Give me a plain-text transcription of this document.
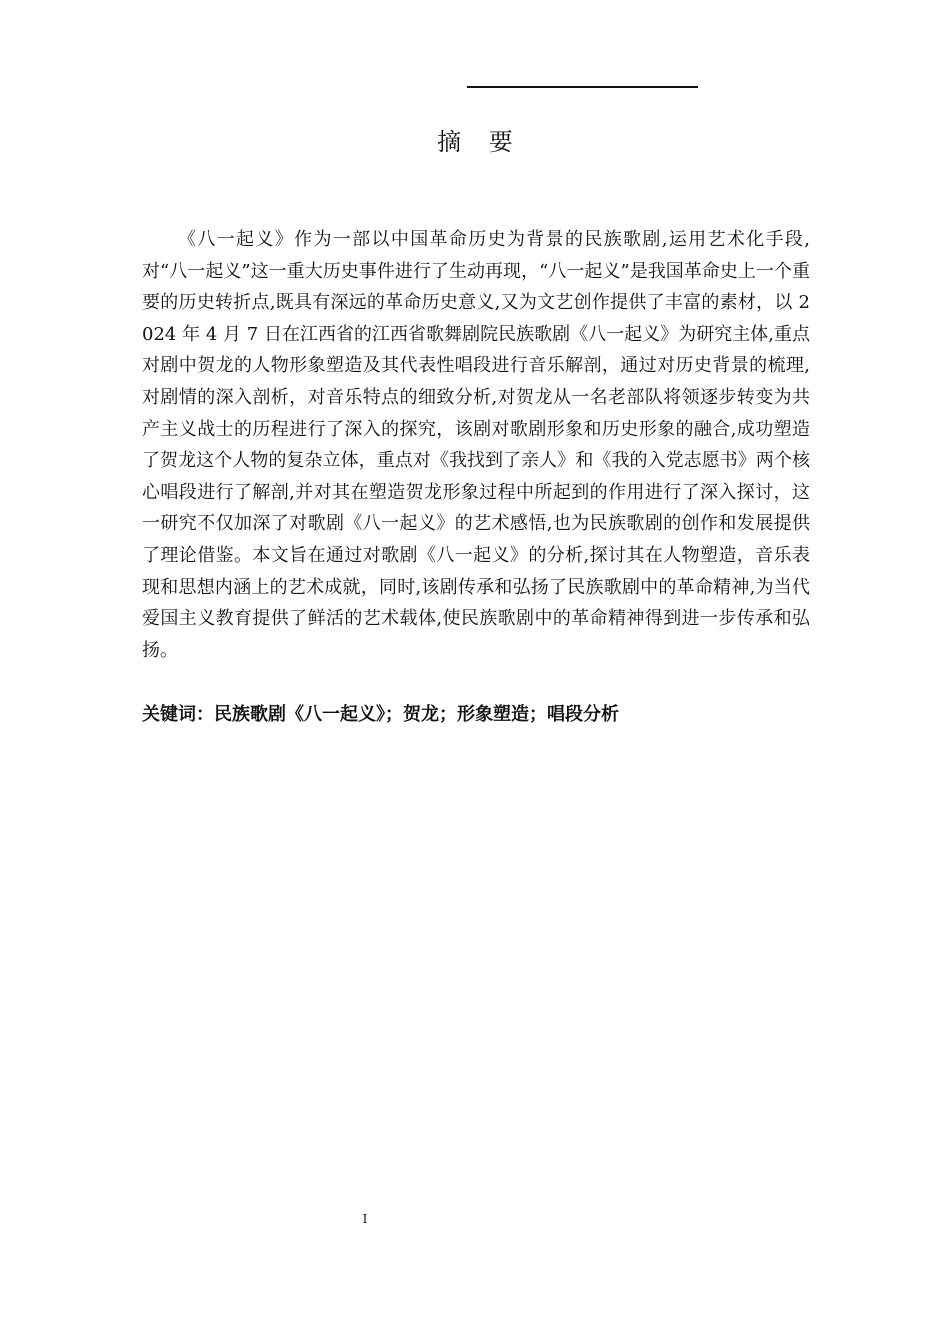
摘 要

《八一起义》作为一部以中国革命历史为背景的民族歌剧,运用艺术化手段,对“八一起义”这一重大历史事件进行了生动再现，“八一起义”是我国革命史上一个重要的历史转折点,既具有深远的革命历史意义,又为文艺创作提供了丰富的素材，以 2024 年 4 月 7 日在江西省的江西省歌舞剧院民族歌剧《八一起义》为研究主体,重点对剧中贺龙的人物形象塑造及其代表性唱段进行音乐解剖，通过对历史背景的梳理,对剧情的深入剖析，对音乐特点的细致分析,对贺龙从一名老部队将领逐步转变为共产主义战士的历程进行了深入的探究，该剧对歌剧形象和历史形象的融合,成功塑造了贺龙这个人物的复杂立体，重点对《我找到了亲人》和《我的入党志愿书》两个核心唱段进行了解剖,并对其在塑造贺龙形象过程中所起到的作用进行了深入探讨，这一研究不仅加深了对歌剧《八一起义》的艺术感悟,也为民族歌剧的创作和发展提供了理论借鉴。本文旨在通过对歌剧《八一起义》的分析,探讨其在人物塑造，音乐表现和思想内涵上的艺术成就，同时,该剧传承和弘扬了民族歌剧中的革命精神,为当代爱国主义教育提供了鲜活的艺术载体,使民族歌剧中的革命精神得到进一步传承和弘扬。

关键词：民族歌剧《八一起义》；贺龙；形象塑造；唱段分析

I
